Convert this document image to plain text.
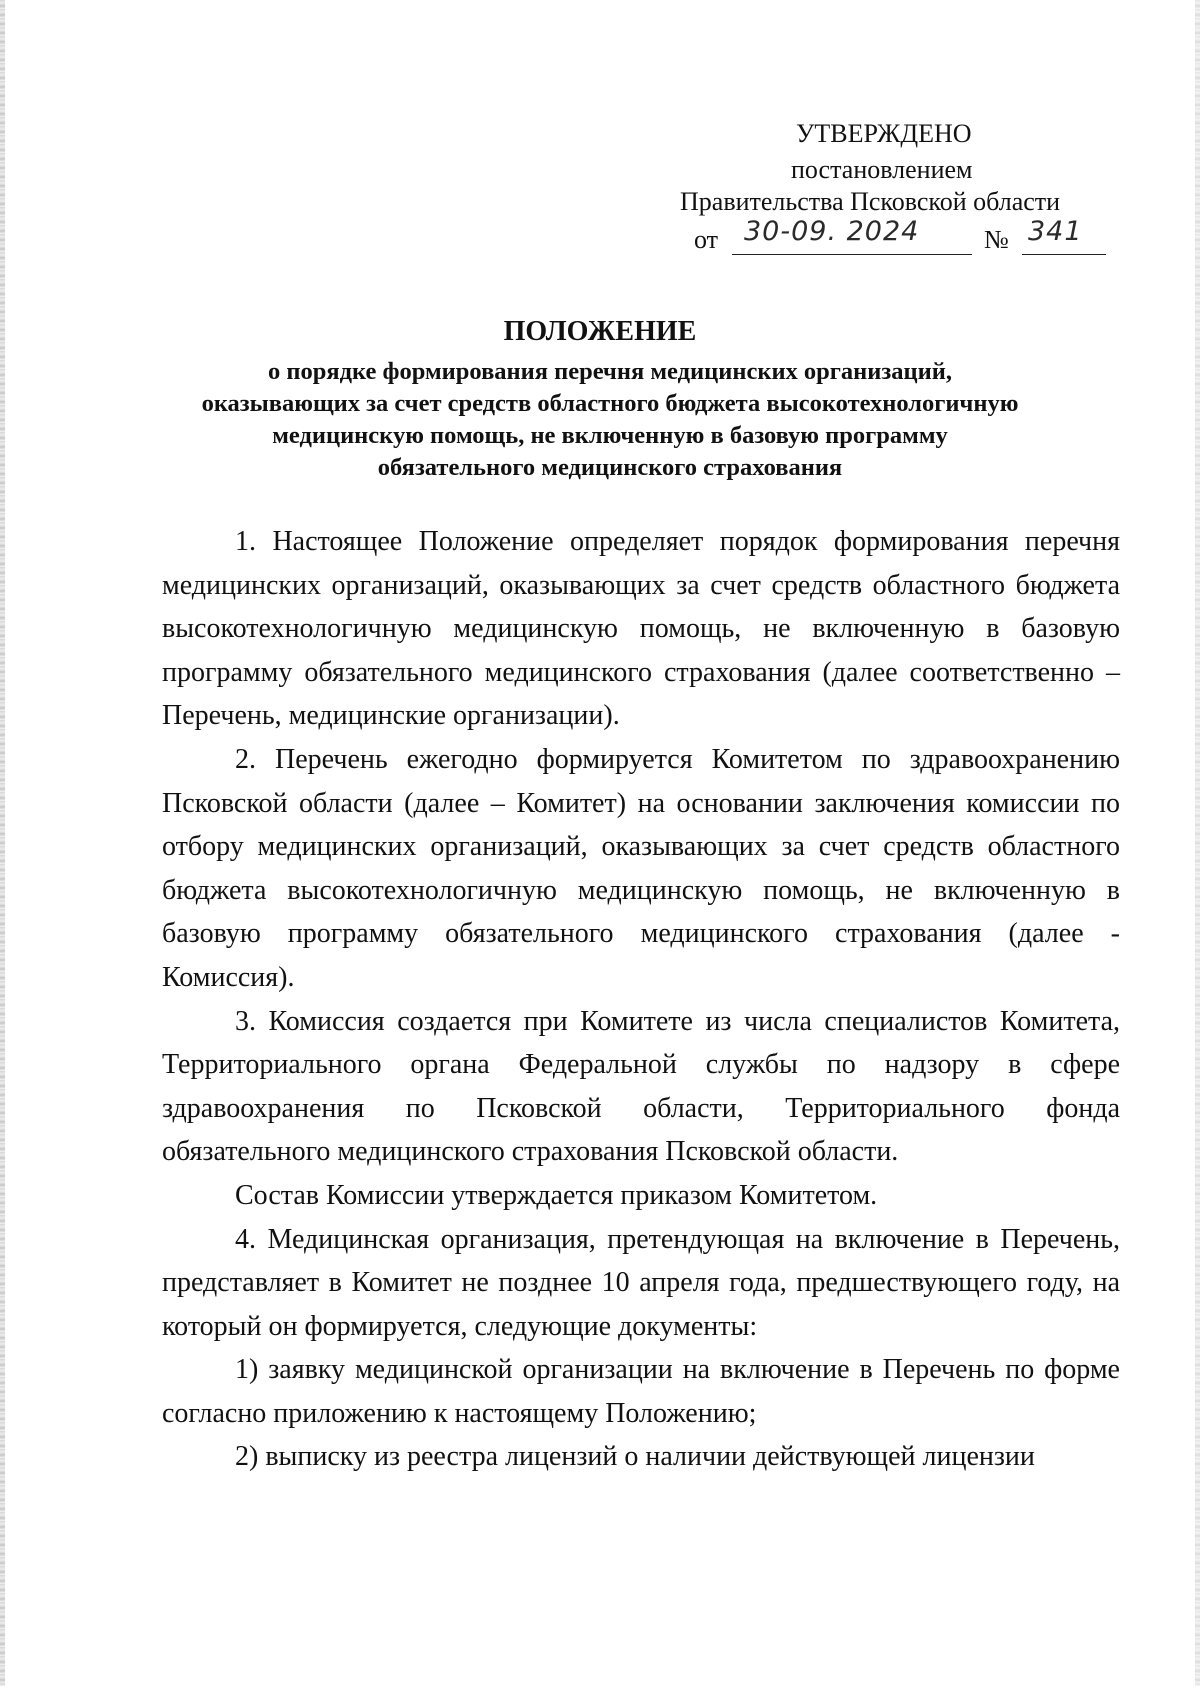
УТВЕРЖДЕНО
постановлением
Правительства Псковской области
от 30-09. 2024 № 341
ПОЛОЖЕНИЕ
о порядке формирования перечня медицинских организаций,
оказывающих за счет средств областного бюджета высокотехнологичную
медицинскую помощь, не включенную в базовую программу
обязательного медицинского страхования

1. Настоящее Положение определяет порядок формирования перечня медицинских организаций, оказывающих за счет средств областного бюджета высокотехнологичную медицинскую помощь, не включенную в базовую программу обязательного медицинского страхования (далее соответственно – Перечень, медицинские организации).

2. Перечень ежегодно формируется Комитетом по здравоохранению Псковской области (далее – Комитет) на основании заключения комиссии по отбору медицинских организаций, оказывающих за счет средств областного бюджета высокотехнологичную медицинскую помощь, не включенную в базовую программу обязательного медицинского страхования (далее - Комиссия).

3. Комиссия создается при Комитете из числа специалистов Комитета, Территориального органа Федеральной службы по надзору в сфере здравоохранения по Псковской области, Территориального фонда обязательного медицинского страхования Псковской области.

Состав Комиссии утверждается приказом Комитетом.

4. Медицинская организация, претендующая на включение в Перечень, представляет в Комитет не позднее 10 апреля года, предшествующего году, на который он формируется, следующие документы:

1) заявку медицинской организации на включение в Перечень по форме согласно приложению к настоящему Положению;

2) выписку из реестра лицензий о наличии действующей лицензии
